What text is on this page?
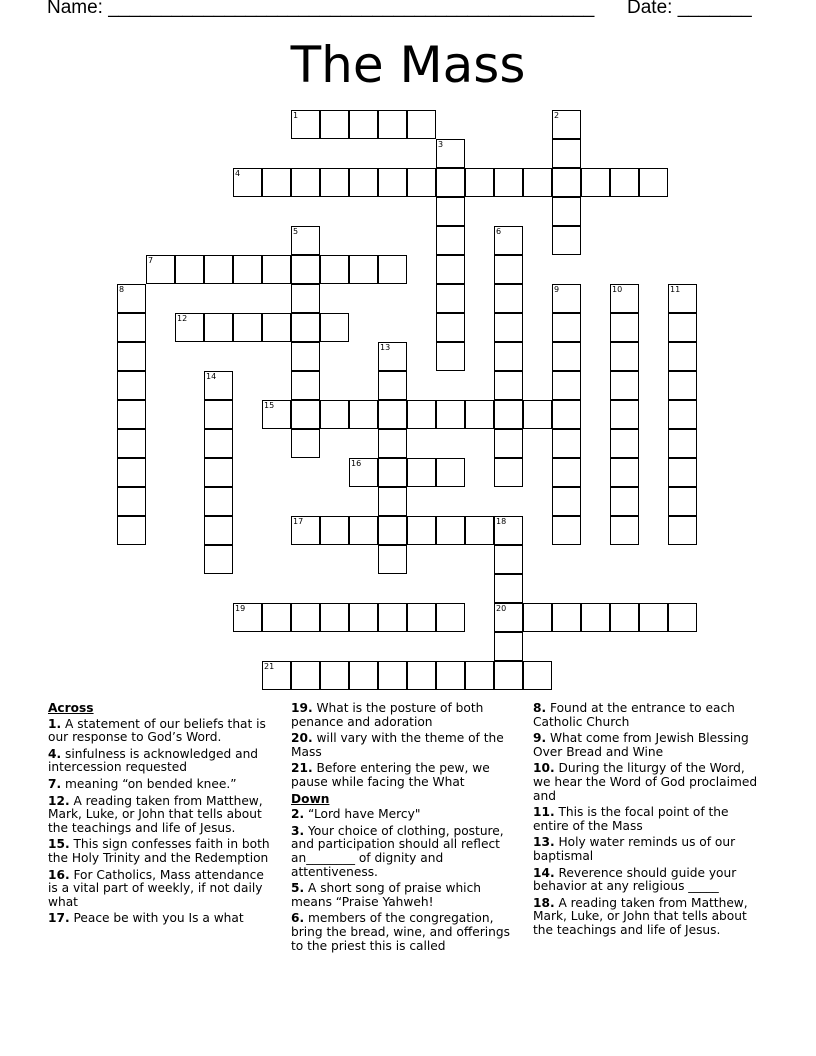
Name: ______________________________________________ Date: _______
The Mass
1	2
3
4
5	6
7
8	9	10	11
12
13
14
15
16
17	18
20
19
21
Across
1. A statement of our beliefs that is our response to God’s Word.
4. sinfulness is acknowledged and intercession requested
7. meaning “on bended knee.”
12. A reading taken from Matthew, Mark, Luke, or John that tells about the teachings and life of Jesus.
15. This sign confesses faith in both the Holy Trinity and the Redemption
16. For Catholics, Mass attendance is a vital part of weekly, if not daily what
17. Peace be with you Is a what
19. What is the posture of both penance and adoration
20. will vary with the theme of the Mass
21. Before entering the pew, we pause while facing the What
Down
2. “Lord have Mercy"
3. Your choice of clothing, posture, and participation should all reflect an________ of dignity and attentiveness.
5. A short song of praise which means “Praise Yahweh!
6. members of the congregation, bring the bread, wine, and offerings to the priest this is called
8. Found at the entrance to each Catholic Church
9. What come from Jewish Blessing Over Bread and Wine
10. During the liturgy of the Word, we hear the Word of God proclaimed and
11. This is the focal point of the entire of the Mass
13. Holy water reminds us of our baptismal
14. Reverence should guide your behavior at any religious _____
18. A reading taken from Matthew, Mark, Luke, or John that tells about the teachings and life of Jesus.
